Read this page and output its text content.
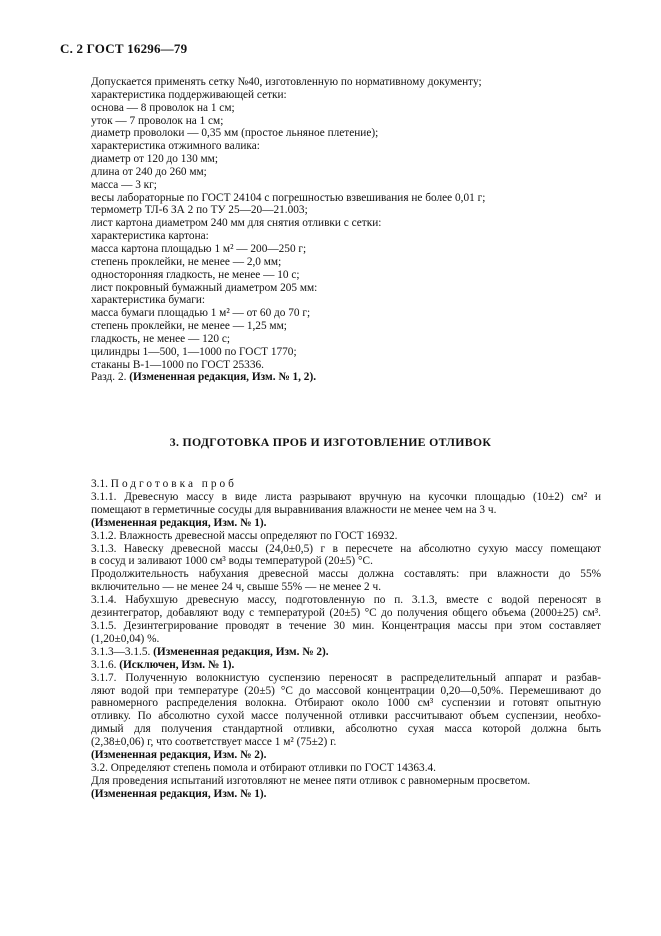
С. 2 ГОСТ 16296—79

Допускается применять сетку №40, изготовленную по нормативному документу;

характеристика поддерживающей сетки:

основа — 8 проволок на 1 см;

уток — 7 проволок на 1 см;

диаметр проволоки — 0,35 мм (простое льняное плетение);

характеристика отжимного валика:

диаметр от 120 до 130 мм;

длина от 240 до 260 мм;

масса — 3 кг;

весы лабораторные по ГОСТ 24104 с погрешностью взвешивания не более 0,01 г;

термометр ТЛ-6 ЗА 2 по ТУ 25—20—21.003;

лист картона диаметром 240 мм для снятия отливки с сетки:

характеристика картона:

масса картона площадью 1 м² — 200—250 г;

степень проклейки, не менее — 2,0 мм;

односторонняя гладкость, не менее — 10 с;

лист покровный бумажный диаметром 205 мм:

характеристика бумаги:

масса бумаги площадью 1 м² — от 60 до 70 г;

степень проклейки, не менее — 1,25 мм;

гладкость, не менее — 120 с;

цилиндры 1—500, 1—1000 по ГОСТ 1770;

стаканы В-1—1000 по ГОСТ 25336.

Разд. 2. (Измененная редакция, Изм. № 1, 2).

3. ПОДГОТОВКА ПРОБ И ИЗГОТОВЛЕНИЕ ОТЛИВОК

3.1. Подготовка проб

3.1.1. Древесную массу в виде листа разрывают вручную на кусочки площадью (10±2) см² и

помещают в герметичные сосуды для выравнивания влажности не менее чем на 3 ч.

(Измененная редакция, Изм. № 1).

3.1.2. Влажность древесной массы определяют по ГОСТ 16932.

3.1.3. Навеску древесной массы (24,0±0,5) г в пересчете на абсолютно сухую массу помещают

в сосуд и заливают 1000 см³ воды температурой (20±5) °С.

Продолжительность набухания древесной массы должна составлять: при влажности до 55%

включительно — не менее 24 ч, свыше 55% — не менее 2 ч.

3.1.4. Набухшую древесную массу, подготовленную по п. 3.1.3, вместе с водой переносят в

дезинтегратор, добавляют воду с температурой (20±5) °С до получения общего объема (2000±25) см³.

3.1.5. Дезинтегрирование проводят в течение 30 мин. Концентрация массы при этом составляет

(1,20±0,04) %.

3.1.3—3.1.5. (Измененная редакция, Изм. № 2).

3.1.6. (Исключен, Изм. № 1).

3.1.7. Полученную волокнистую суспензию переносят в распределительный аппарат и разбав-

ляют водой при температуре (20±5) °С до массовой концентрации 0,20—0,50%. Перемешивают до

равномерного распределения волокна. Отбирают около 1000 см³ суспензии и готовят опытную

отливку. По абсолютно сухой массе полученной отливки рассчитывают объем суспензии, необхо-

димый для получения стандартной отливки, абсолютно сухая масса которой должна быть

(2,38±0,06) г, что соответствует массе 1 м² (75±2) г.

(Измененная редакция, Изм. № 2).

3.2. Определяют степень помола и отбирают отливки по ГОСТ 14363.4.

Для проведения испытаний изготовляют не менее пяти отливок с равномерным просветом.

(Измененная редакция, Изм. № 1).
